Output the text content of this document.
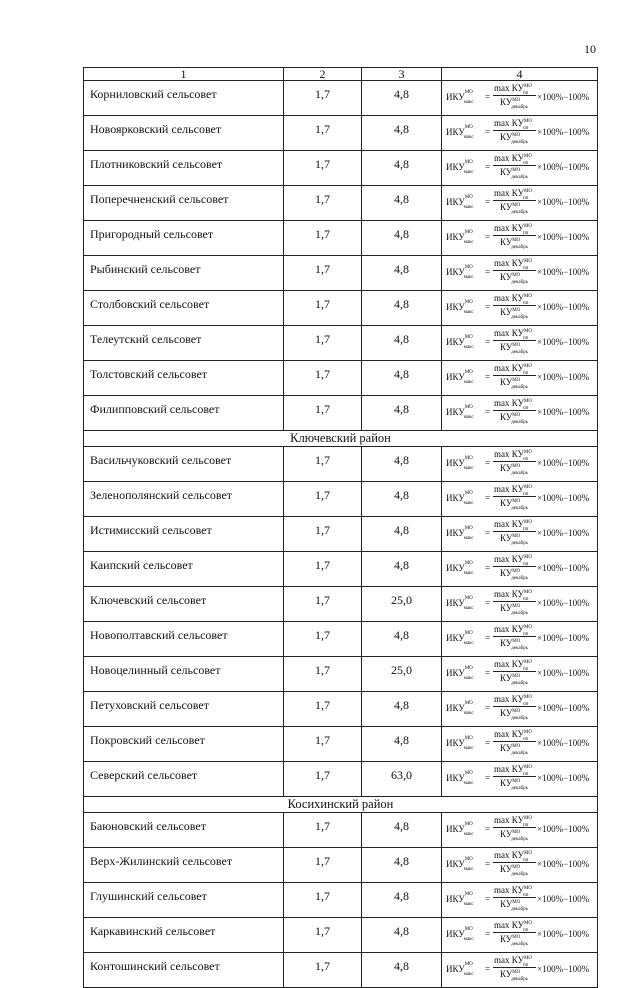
10
1	2	3	4
Корниловский сельсовет	1,7	4,8	$ИКУ^{МО}_{макс}$
=
$\max КУ^{МО}_{пп}$
$КУ^{МО}_{декабрь}$
×100%−100%

Новоярковский сельсовет	1,7	4,8	$ИКУ^{МО}_{макс}$
=
$\max КУ^{МО}_{пп}$
$КУ^{МО}_{декабрь}$
×100%−100%

Плотниковский сельсовет	1,7	4,8	$ИКУ^{МО}_{макс}$
=
$\max КУ^{МО}_{пп}$
$КУ^{МО}_{декабрь}$
×100%−100%

Поперечненский сельсовет	1,7	4,8	$ИКУ^{МО}_{макс}$
=
$\max КУ^{МО}_{пп}$
$КУ^{МО}_{декабрь}$
×100%−100%

Пригородный сельсовет	1,7	4,8	$ИКУ^{МО}_{макс}$
=
$\max КУ^{МО}_{пп}$
$КУ^{МО}_{декабрь}$
×100%−100%

Рыбинский сельсовет	1,7	4,8	$ИКУ^{МО}_{макс}$
=
$\max КУ^{МО}_{пп}$
$КУ^{МО}_{декабрь}$
×100%−100%

Столбовский сельсовет	1,7	4,8	$ИКУ^{МО}_{макс}$
=
$\max КУ^{МО}_{пп}$
$КУ^{МО}_{декабрь}$
×100%−100%

Телеутский сельсовет	1,7	4,8	$ИКУ^{МО}_{макс}$
=
$\max КУ^{МО}_{пп}$
$КУ^{МО}_{декабрь}$
×100%−100%

Толстовский сельсовет	1,7	4,8	$ИКУ^{МО}_{макс}$
=
$\max КУ^{МО}_{пп}$
$КУ^{МО}_{декабрь}$
×100%−100%

Филипповский сельсовет	1,7	4,8	$ИКУ^{МО}_{макс}$
=
$\max КУ^{МО}_{пп}$
$КУ^{МО}_{декабрь}$
×100%−100%

Ключевский район			
Васильчуковский сельсовет	1,7	4,8	$ИКУ^{МО}_{макс}$
=
$\max КУ^{МО}_{пп}$
$КУ^{МО}_{декабрь}$
×100%−100%

Зеленополянский сельсовет	1,7	4,8	$ИКУ^{МО}_{макс}$
=
$\max КУ^{МО}_{пп}$
$КУ^{МО}_{декабрь}$
×100%−100%

Истимисский сельсовет	1,7	4,8	$ИКУ^{МО}_{макс}$
=
$\max КУ^{МО}_{пп}$
$КУ^{МО}_{декабрь}$
×100%−100%

Каипский сельсовет	1,7	4,8	$ИКУ^{МО}_{макс}$
=
$\max КУ^{МО}_{пп}$
$КУ^{МО}_{декабрь}$
×100%−100%

Ключевский сельсовет	1,7	25,0	$ИКУ^{МО}_{макс}$
=
$\max КУ^{МО}_{пп}$
$КУ^{МО}_{декабрь}$
×100%−100%

Новополтавский сельсовет	1,7	4,8	$ИКУ^{МО}_{макс}$
=
$\max КУ^{МО}_{пп}$
$КУ^{МО}_{декабрь}$
×100%−100%

Новоцелинный сельсовет	1,7	25,0	$ИКУ^{МО}_{макс}$
=
$\max КУ^{МО}_{пп}$
$КУ^{МО}_{декабрь}$
×100%−100%

Петуховский сельсовет	1,7	4,8	$ИКУ^{МО}_{макс}$
=
$\max КУ^{МО}_{пп}$
$КУ^{МО}_{декабрь}$
×100%−100%

Покровский сельсовет	1,7	4,8	$ИКУ^{МО}_{макс}$
=
$\max КУ^{МО}_{пп}$
$КУ^{МО}_{декабрь}$
×100%−100%

Северский сельсовет	1,7	63,0	$ИКУ^{МО}_{макс}$
=
$\max КУ^{МО}_{пп}$
$КУ^{МО}_{декабрь}$
×100%−100%

Косихинский район			
Баюновский сельсовет	1,7	4,8	$ИКУ^{МО}_{макс}$
=
$\max КУ^{МО}_{пп}$
$КУ^{МО}_{декабрь}$
×100%−100%

Верх-Жилинский сельсовет	1,7	4,8	$ИКУ^{МО}_{макс}$
=
$\max КУ^{МО}_{пп}$
$КУ^{МО}_{декабрь}$
×100%−100%

Глушинский сельсовет	1,7	4,8	$ИКУ^{МО}_{макс}$
=
$\max КУ^{МО}_{пп}$
$КУ^{МО}_{декабрь}$
×100%−100%

Каркавинский сельсовет	1,7	4,8	$ИКУ^{МО}_{макс}$
=
$\max КУ^{МО}_{пп}$
$КУ^{МО}_{декабрь}$
×100%−100%

Контошинский сельсовет	1,7	4,8	$ИКУ^{МО}_{макс}$
=
$\max КУ^{МО}_{пп}$
$КУ^{МО}_{декабрь}$
×100%−100%
